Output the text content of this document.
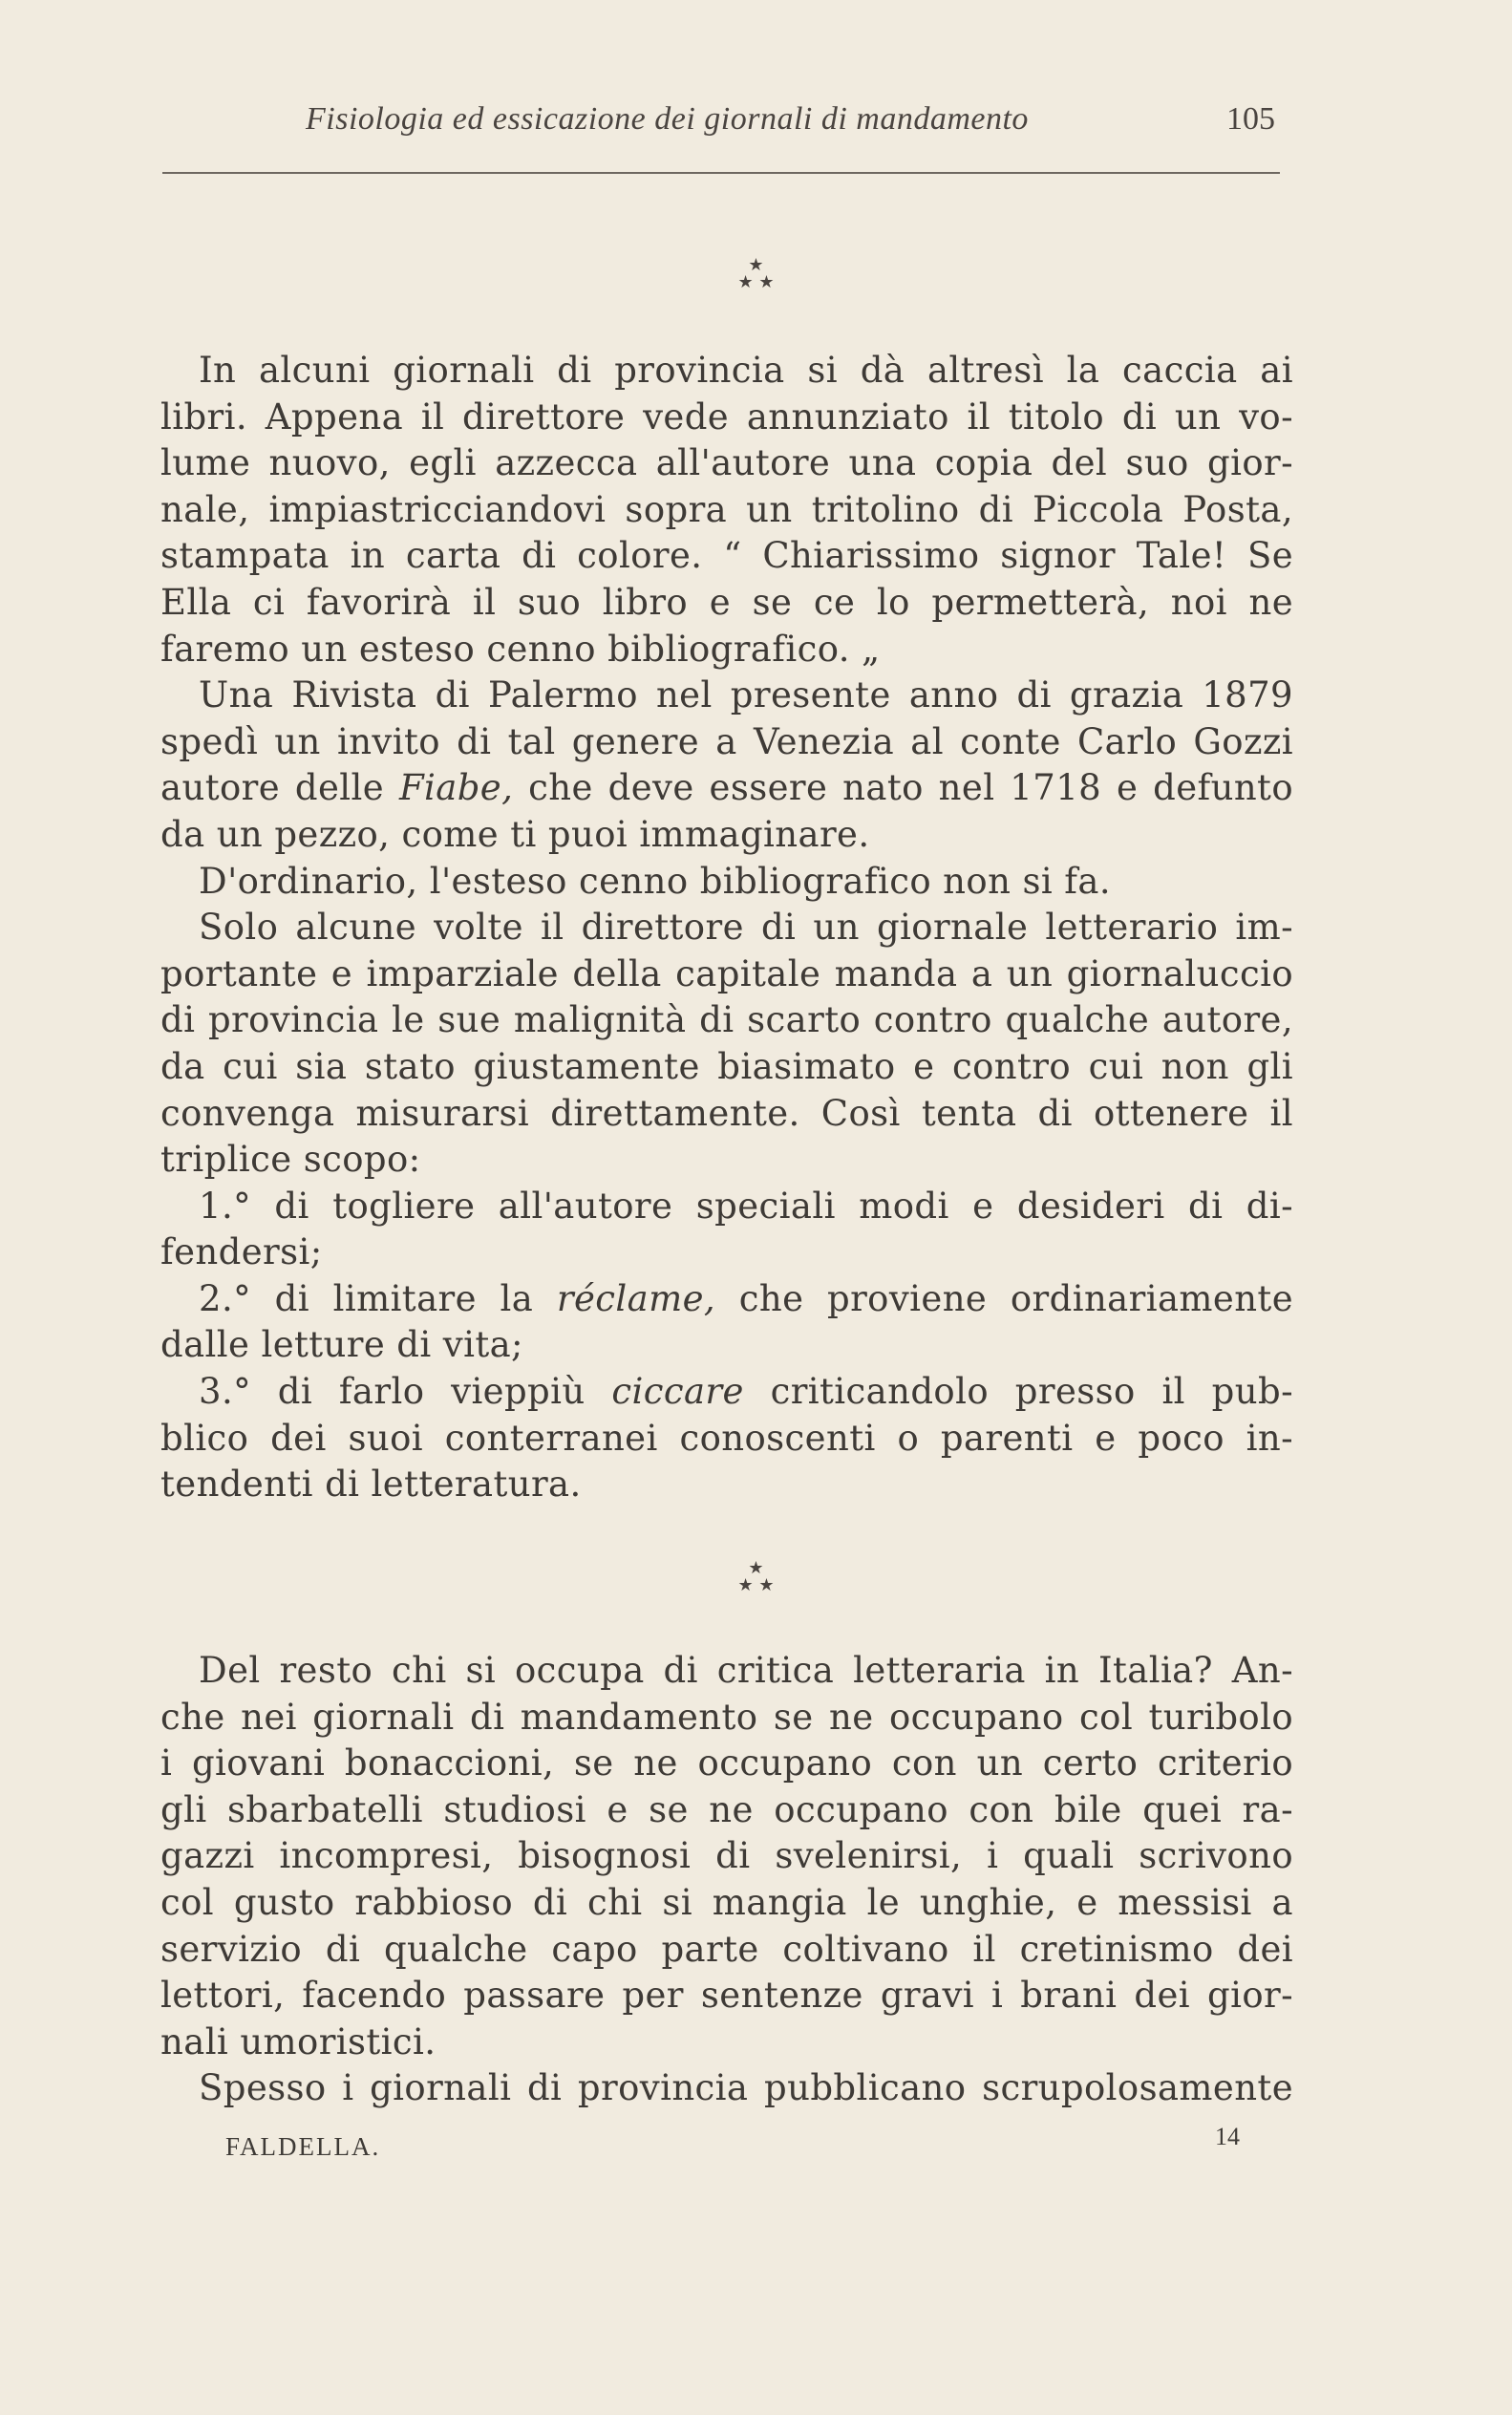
Fisiologia ed essicazione dei giornali di mandamento	105
★
★ ★
In alcuni giornali di provincia si dà altresì la caccia ai
libri. Appena il direttore vede annunziato il titolo di un vo-
lume nuovo, egli azzecca all'autore una copia del suo gior-
nale, impiastricciandovi sopra un tritolino di Piccola Posta,
stampata in carta di colore. “ Chiarissimo signor Tale! Se
Ella ci favorirà il suo libro e se ce lo permetterà, noi ne
faremo un esteso cenno bibliografico. „
Una Rivista di Palermo nel presente anno di grazia 1879
spedì un invito di tal genere a Venezia al conte Carlo Gozzi
autore delle Fiabe, che deve essere nato nel 1718 e defunto
da un pezzo, come ti puoi immaginare.
D'ordinario, l'esteso cenno bibliografico non si fa.
Solo alcune volte il direttore di un giornale letterario im-
portante e imparziale della capitale manda a un giornaluccio
di provincia le sue malignità di scarto contro qualche autore,
da cui sia stato giustamente biasimato e contro cui non gli
convenga misurarsi direttamente. Così tenta di ottenere il
triplice scopo:
1.° di togliere all'autore speciali modi e desideri di di-
fendersi;
2.° di limitare la réclame, che proviene ordinariamente
dalle letture di vita;
3.° di farlo vieppiù ciccare criticandolo presso il pub-
blico dei suoi conterranei conoscenti o parenti e poco in-
tendenti di letteratura.
★
★ ★
Del resto chi si occupa di critica letteraria in Italia? An-
che nei giornali di mandamento se ne occupano col turibolo
i giovani bonaccioni, se ne occupano con un certo criterio
gli sbarbatelli studiosi e se ne occupano con bile quei ra-
gazzi incompresi, bisognosi di svelenirsi, i quali scrivono
col gusto rabbioso di chi si mangia le unghie, e messisi a
servizio di qualche capo parte coltivano il cretinismo dei
lettori, facendo passare per sentenze gravi i brani dei gior-
nali umoristici.
Spesso i giornali di provincia pubblicano scrupolosamente
FALDELLA.	14
